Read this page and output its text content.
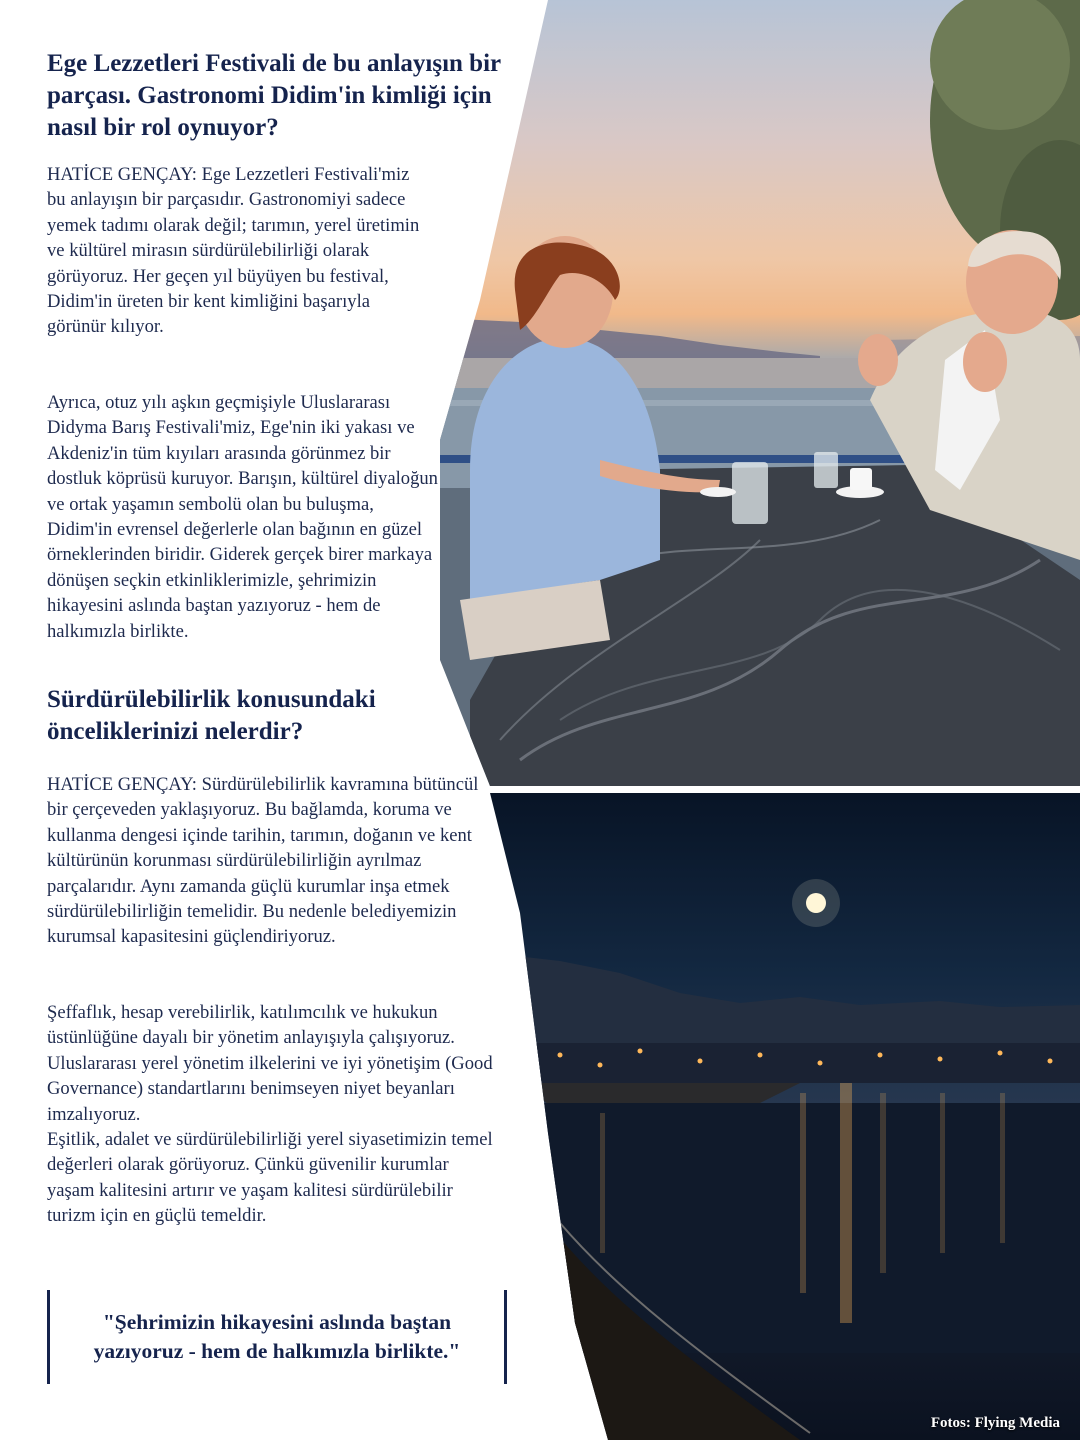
Ege Lezzetleri Festivali de bu anlayışın bir parçası. Gastronomi Didim'in kimliği için nasıl bir rol oynuyor?

HATİCE GENÇAY: Ege Lezzetleri Festivali'miz bu anlayışın bir parçasıdır. Gastronomiyi sadece yemek tadımı olarak değil; tarımın, yerel üretimin ve kültürel mirasın sürdürülebilirliği olarak görüyoruz. Her geçen yıl büyüyen bu festival, Didim'in üreten bir kent kimliğini başarıyla görünür kılıyor.

Ayrıca, otuz yılı aşkın geçmişiyle Uluslararası Didyma Barış Festivali'miz, Ege'nin iki yakası ve Akdeniz'in tüm kıyıları arasında görünmez bir dostluk köprüsü kuruyor. Barışın, kültürel diyaloğun ve ortak yaşamın sembolü olan bu buluşma, Didim'in evrensel değerlerle olan bağının en güzel örneklerinden biridir. Giderek gerçek birer markaya dönüşen seçkin etkinliklerimizle, şehrimizin hikayesini aslında baştan yazıyoruz - hem de halkımızla birlikte.

Sürdürülebilirlik konusundaki önceliklerinizi nelerdir?

HATİCE GENÇAY: Sürdürülebilirlik kavramına bütüncül bir çerçeveden yaklaşıyoruz. Bu bağlamda, koruma ve kullanma dengesi içinde tarihin, tarımın, doğanın ve kent kültürünün korunması sürdürülebilirliğin ayrılmaz parçalarıdır. Aynı zamanda güçlü kurumlar inşa etmek sürdürülebilirliğin temelidir. Bu nedenle belediyemizin kurumsal kapasitesini güçlendiriyoruz.

Şeffaflık, hesap verebilirlik, katılımcılık ve hukukun üstünlüğüne dayalı bir yönetim anlayışıyla çalışıyoruz. Uluslararası yerel yönetim ilkelerini ve iyi yönetişim (Good Governance) standartlarını benimseyen niyet beyanları imzalıyoruz.

Eşitlik, adalet ve sürdürülebilirliği yerel siyasetimizin temel değerleri olarak görüyoruz. Çünkü güvenilir kurumlar yaşam kalitesini artırır ve yaşam kalitesi sürdürülebilir turizm için en güçlü temeldir.

"Şehrimizin hikayesini aslında baştan yazıyoruz - hem de halkımızla birlikte."
Fotos: Flying Media
